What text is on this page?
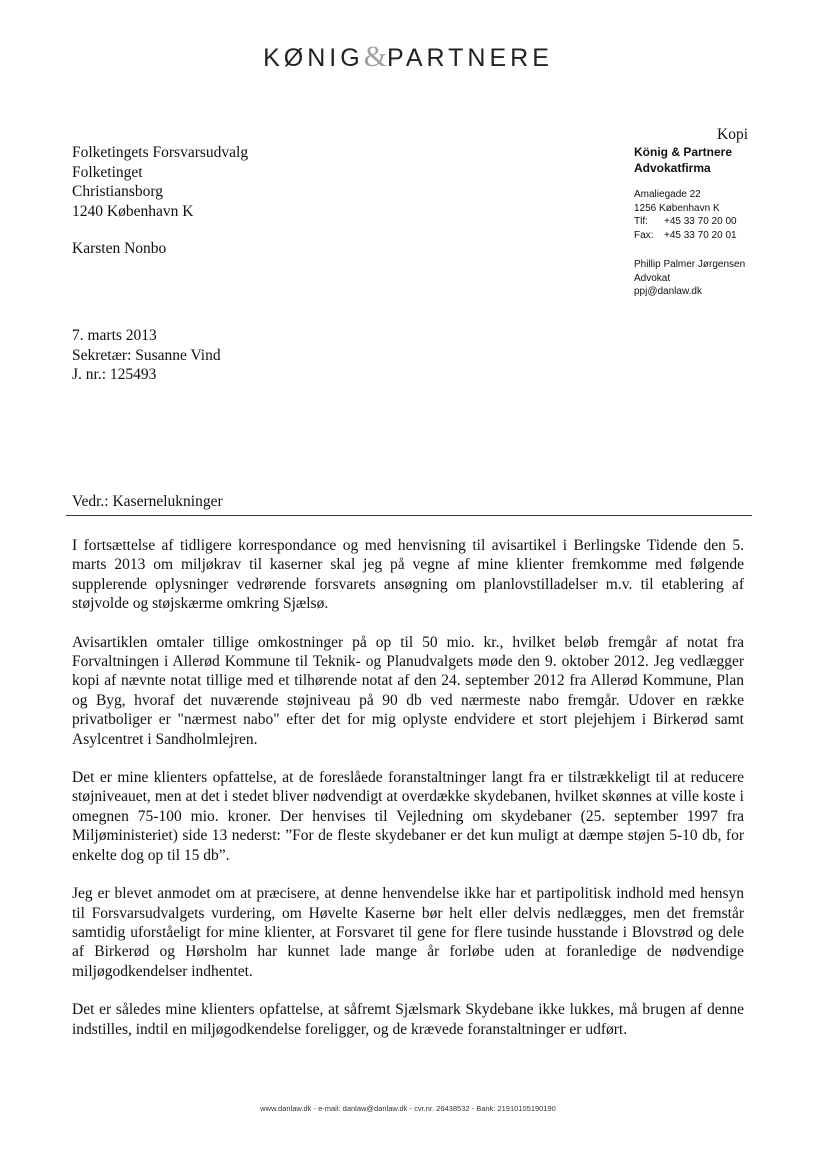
KØNIG&PARTNERE
Folketingets Forsvarsudvalg
Folketinget
Christiansborg
1240 København K
Karsten Nonbo
Kopi
König & Partnere
Advokatfirma
Amaliegade 22
1256 København K
Tlf: +45 33 70 20 00
Fax: +45 33 70 20 01
Phillip Palmer Jørgensen
Advokat
ppj@danlaw.dk
7. marts 2013
Sekretær: Susanne Vind
J. nr.: 125493
Vedr.: Kasernelukninger

I fortsættelse af tidligere korrespondance og med henvisning til avisartikel i Berlingske Tidende den 5. marts 2013 om miljøkrav til kaserner skal jeg på vegne af mine klienter fremkomme med følgende supplerende oplysninger vedrørende forsvarets ansøgning om planlovstilladelser m.v. til etablering af støjvolde og støjskærme omkring Sjælsø.

Avisartiklen omtaler tillige omkostninger på op til 50 mio. kr., hvilket beløb fremgår af notat fra Forvaltningen i Allerød Kommune til Teknik- og Planudvalgets møde den 9. oktober 2012. Jeg vedlægger kopi af nævnte notat tillige med et tilhørende notat af den 24. september 2012 fra Allerød Kommune, Plan og Byg, hvoraf det nuværende støjniveau på 90 db ved nærmeste nabo fremgår. Udover en række privatboliger er "nærmest nabo" efter det for mig oplyste endvidere et stort plejehjem i Birkerød samt Asylcentret i Sandholmlejren.

Det er mine klienters opfattelse, at de foreslåede foranstaltninger langt fra er tilstrækkeligt til at reducere støjniveauet, men at det i stedet bliver nødvendigt at overdække skydebanen, hvilket skønnes at ville koste i omegnen 75-100 mio. kroner. Der henvises til Vejledning om skydebaner (25. september 1997 fra Miljøministeriet) side 13 nederst: ”For de fleste skydebaner er det kun muligt at dæmpe støjen 5-10 db, for enkelte dog op til 15 db”.

Jeg er blevet anmodet om at præcisere, at denne henvendelse ikke har et partipolitisk indhold med hensyn til Forsvarsudvalgets vurdering, om Høvelte Kaserne bør helt eller delvis nedlægges, men det fremstår samtidig uforståeligt for mine klienter, at Forsvaret til gene for flere tusinde husstande i Blovstrød og dele af Birkerød og Hørsholm har kunnet lade mange år forløbe uden at foranledige de nødvendige miljøgodkendelser indhentet.

Det er således mine klienters opfattelse, at såfremt Sjælsmark Skydebane ikke lukkes, må brugen af denne indstilles, indtil en miljøgodkendelse foreligger, og de krævede foranstaltninger er udført.

www.danlaw.dk - e-mail: danlaw@danlaw.dk - cvr.nr. 26438532 - Bank: 21910105190190
